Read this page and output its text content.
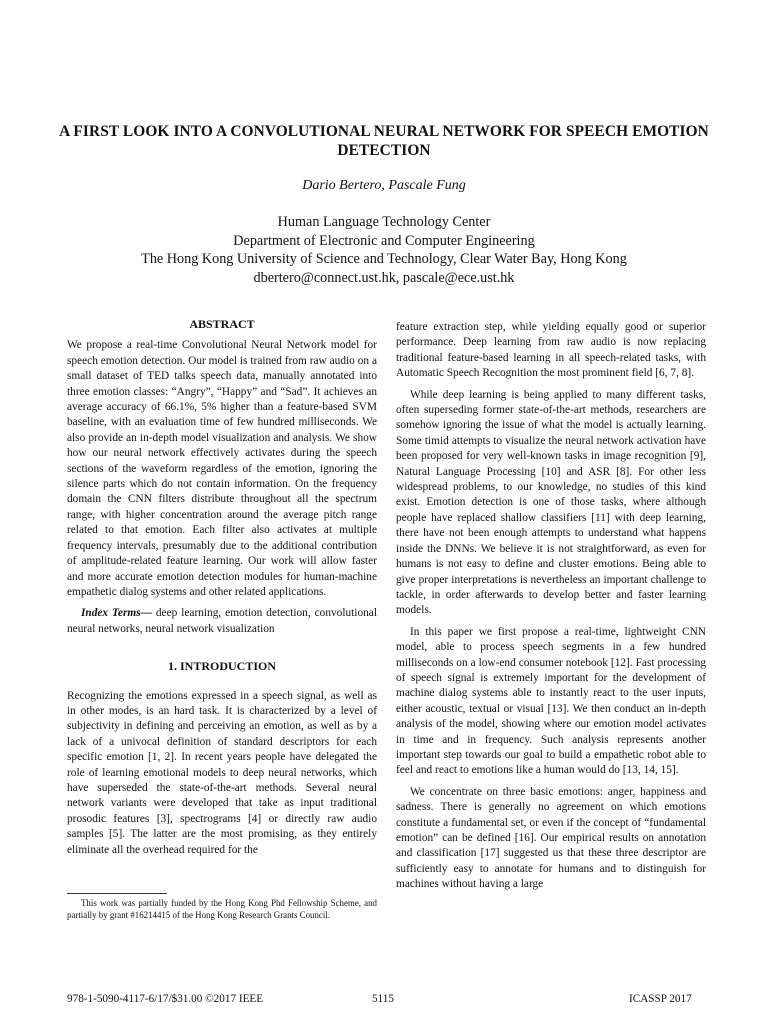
A FIRST LOOK INTO A CONVOLUTIONAL NEURAL NETWORK FOR SPEECH EMOTION DETECTION
Dario Bertero, Pascale Fung
Human Language Technology Center
Department of Electronic and Computer Engineering
The Hong Kong University of Science and Technology, Clear Water Bay, Hong Kong
dbertero@connect.ust.hk, pascale@ece.ust.hk
ABSTRACT

We propose a real-time Convolutional Neural Network model for speech emotion detection. Our model is trained from raw audio on a small dataset of TED talks speech data, manually annotated into three emotion classes: “Angry”, “Happy” and “Sad”. It achieves an average accuracy of 66.1%, 5% higher than a feature-based SVM baseline, with an evaluation time of few hundred milliseconds. We also provide an in-depth model visualization and analysis. We show how our neural network effectively activates during the speech sections of the waveform regardless of the emotion, ignoring the silence parts which do not contain information. On the frequency domain the CNN filters distribute throughout all the spectrum range, with higher concentration around the average pitch range related to that emotion. Each filter also activates at multiple frequency intervals, presumably due to the additional contribution of amplitude-related feature learning. Our work will allow faster and more accurate emotion detection modules for human-machine empathetic dialog systems and other related applications.

Index Terms— deep learning, emotion detection, convolutional neural networks, neural network visualization

1. INTRODUCTION

Recognizing the emotions expressed in a speech signal, as well as in other modes, is an hard task. It is characterized by a level of subjectivity in defining and perceiving an emotion, as well as by a lack of a univocal definition of standard descriptors for each specific emotion [1, 2]. In recent years people have delegated the role of learning emotional models to deep neural networks, which have superseded the state-of-the-art methods. Several neural network variants were developed that take as input traditional prosodic features [3], spectrograms [4] or directly raw audio samples [5]. The latter are the most promising, as they entirely eliminate all the overhead required for the

feature extraction step, while yielding equally good or superior performance. Deep learning from raw audio is now replacing traditional feature-based learning in all speech-related tasks, with Automatic Speech Recognition the most prominent field [6, 7, 8].

While deep learning is being applied to many different tasks, often superseding former state-of-the-art methods, researchers are somehow ignoring the issue of what the model is actually learning. Some timid attempts to visualize the neural network activation have been proposed for very well-known tasks in image recognition [9], Natural Language Processing [10] and ASR [8]. For other less widespread problems, to our knowledge, no studies of this kind exist. Emotion detection is one of those tasks, where although people have replaced shallow classifiers [11] with deep learning, there have not been enough attempts to understand what happens inside the DNNs. We believe it is not straightforward, as even for humans is not easy to define and cluster emotions. Being able to give proper interpretations is nevertheless an important challenge to tackle, in order afterwards to develop better and faster learning models.

In this paper we first propose a real-time, lightweight CNN model, able to process speech segments in a few hundred milliseconds on a low-end consumer notebook [12]. Fast processing of speech signal is extremely important for the development of machine dialog systems able to instantly react to the user inputs, either acoustic, textual or visual [13]. We then conduct an in-depth analysis of the model, showing where our emotion model activates in time and in frequency. Such analysis represents another important step towards our goal to build a empathetic robot able to feel and react to emotions like a human would do [13, 14, 15].

We concentrate on three basic emotions: anger, happiness and sadness. There is generally no agreement on which emotions constitute a fundamental set, or even if the concept of “fundamental emotion” can be defined [16]. Our empirical results on annotation and classification [17] suggested us that these three descriptor are sufficiently easy to annotate for humans and to distinguish for machines without having a large

This work was partially funded by the Hong Kong Phd Fellowship Scheme, and partially by grant #16214415 of the Hong Kong Research Grants Council.
978-1-5090-4117-6/17/$31.00 ©2017 IEEE	5115	ICASSP 2017
